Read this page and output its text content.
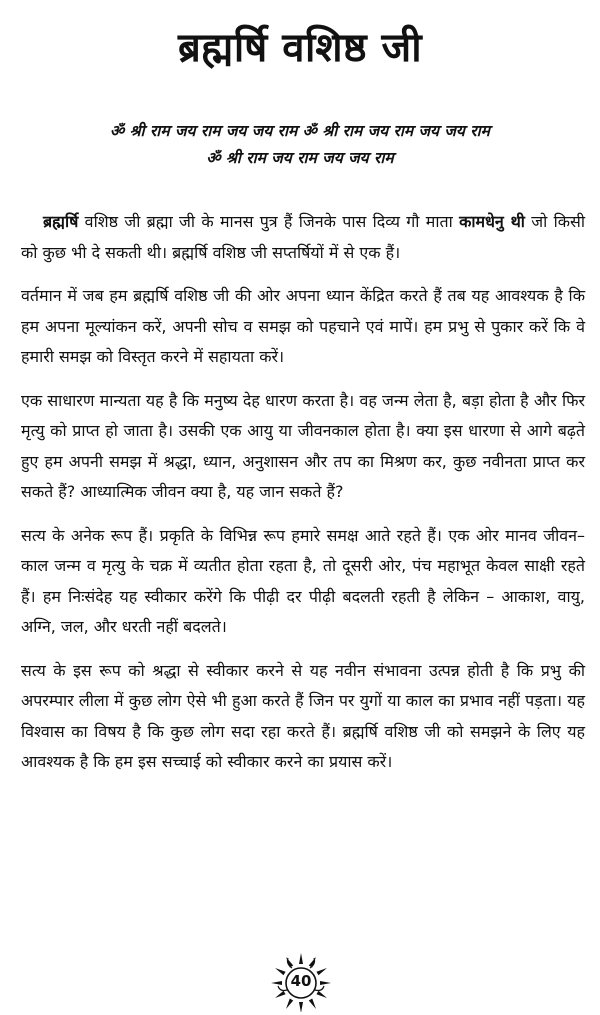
ब्रह्मर्षि वशिष्ठ जी
ॐ श्री राम जय राम जय जय राम ॐ श्री राम जय राम जय जय राम
ॐ श्री राम जय राम जय जय राम

ब्रह्मर्षि वशिष्ठ जी ब्रह्मा जी के मानस पुत्र हैं जिनके पास दिव्य गौ माता कामधेनु थी जो किसी को कुछ भी दे सकती थी। ब्रह्मर्षि वशिष्ठ जी सप्तर्षियों में से एक हैं।

वर्तमान में जब हम ब्रह्मर्षि वशिष्ठ जी की ओर अपना ध्यान केंद्रित करते हैं तब यह आवश्यक है कि हम अपना मूल्यांकन करें, अपनी सोच व समझ को पहचाने एवं मापें। हम प्रभु से पुकार करें कि वे हमारी समझ को विस्तृत करने में सहायता करें।

एक साधारण मान्यता यह है कि मनुष्य देह धारण करता है। वह जन्म लेता है, बड़ा होता है और फिर मृत्यु को प्राप्त हो जाता है। उसकी एक आयु या जीवनकाल होता है। क्या इस धारणा से आगे बढ़ते हुए हम अपनी समझ में श्रद्धा, ध्यान, अनुशासन और तप का मिश्रण कर, कुछ नवीनता प्राप्त कर सकते हैं? आध्यात्मिक जीवन क्या है, यह जान सकते हैं?

सत्य के अनेक रूप हैं। प्रकृति के विभिन्न रूप हमारे समक्ष आते रहते हैं। एक ओर मानव जीवन–काल जन्म व मृत्यु के चक्र में व्यतीत होता रहता है, तो दूसरी ओर, पंच महाभूत केवल साक्षी रहते हैं। हम निःसंदेह यह स्वीकार करेंगे कि पीढ़ी दर पीढ़ी बदलती रहती है लेकिन – आकाश, वायु, अग्नि, जल, और धरती नहीं बदलते।

सत्य के इस रूप को श्रद्धा से स्वीकार करने से यह नवीन संभावना उत्पन्न होती है कि प्रभु की अपरम्पार लीला में कुछ लोग ऐसे भी हुआ करते हैं जिन पर युगों या काल का प्रभाव नहीं पड़ता। यह विश्वास का विषय है कि कुछ लोग सदा रहा करते हैं। ब्रह्मर्षि वशिष्ठ जी को समझने के लिए यह आवश्यक है कि हम इस सच्चाई को स्वीकार करने का प्रयास करें।

40
